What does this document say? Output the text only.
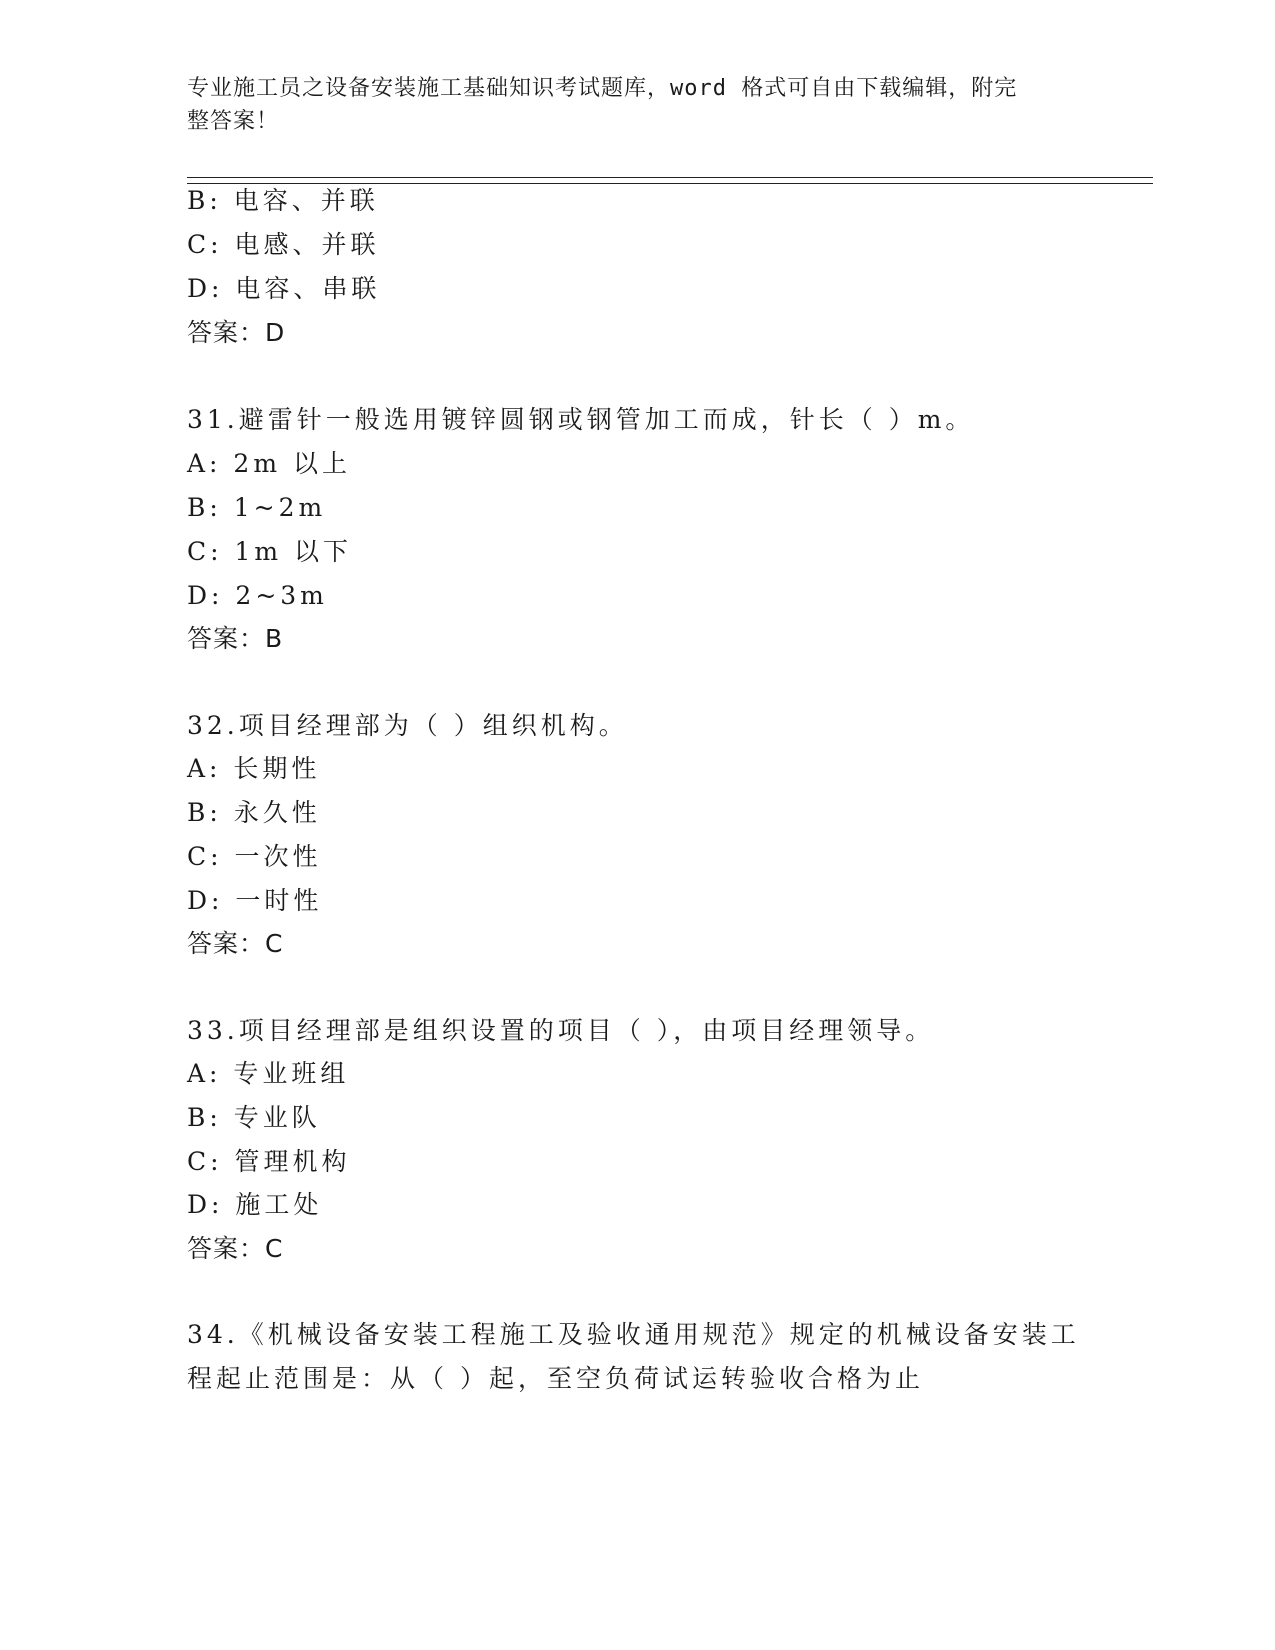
专业施工员之设备安装施工基础知识考试题库，word 格式可自由下载编辑，附完
整答案！
B: 电容、并联
C: 电感、并联
D: 电容、串联
答案：D
31.避雷针一般选用镀锌圆钢或钢管加工而成，针长（ ）m。
A: 2m 以上
B: 1~2m
C: 1m 以下
D: 2~3m
答案：B
32.项目经理部为（ ）组织机构。
A: 长期性
B: 永久性
C: 一次性
D: 一时性
答案：C
33.项目经理部是组织设置的项目（ ），由项目经理领导。
A: 专业班组
B: 专业队
C: 管理机构
D: 施工处
答案：C
34.《机械设备安装工程施工及验收通用规范》规定的机械设备安装工
程起止范围是：从（ ）起，至空负荷试运转验收合格为止
